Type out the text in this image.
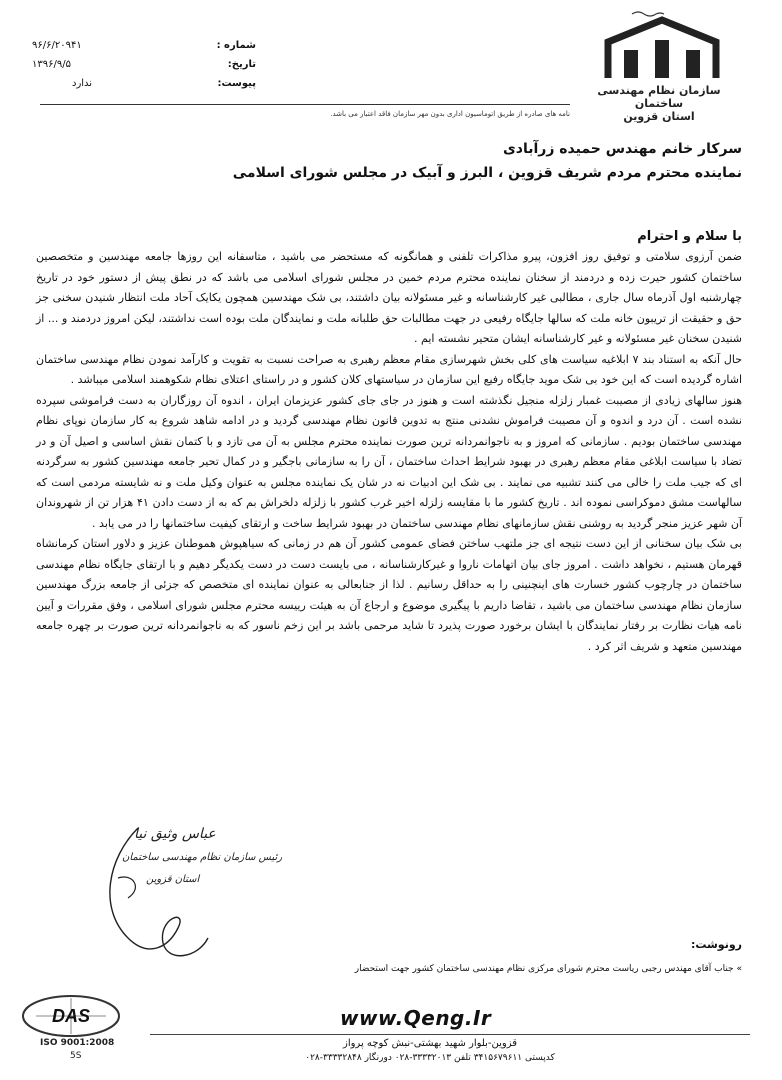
شماره :
تاریخ:
پیوست:
۹۶/۶/۲۰۹۴۱
۱۳۹۶/۹/۵
ندارد
سازمان نظام مهندسی ساختمان
استان قزوین
نامه های صادره از طریق اتوماسیون اداری بدون مهر سازمان فاقد اعتبار می باشد.
سرکار خانم مهندس حمیده زرآبادی
نماینده محترم مردم شریف قزوین ، البرز و آبیک در مجلس شورای اسلامی
با سلام و احترام

ضمن آرزوی سلامتی و توفیق روز افزون، پیرو مذاکرات تلفنی و همانگونه که مستحضر می باشید ، متاسفانه این روزها جامعه مهندسین و متخصصین ساختمان کشور حیرت زده و دردمند از سخنان نماینده محترم مردم خمین در مجلس شورای اسلامی می باشد که در نطق پیش از دستور خود در تاریخ چهارشنبه اول آذرماه سال جاری ، مطالبی غیر کارشناسانه و غیر مسئولانه بیان داشتند، بی شک مهندسین همچون یکایک آحاد ملت انتظار شنیدن سخنی جز حق و حقیقت از تریبون خانه ملت که سالها جایگاه رفیعی در جهت مطالبات حق طلبانه ملت و نمایندگان ملت بوده است نداشتند، لیکن امروز دردمند و ... از شنیدن سخنان غیر مسئولانه و غیر کارشناسانه ایشان متحیر نشسته ایم .

حال آنکه به استناد بند ۷ ابلاغیه سیاست های کلی بخش شهرسازی مقام معظم رهبری به صراحت نسبت به تقویت و کارآمد نمودن نظام مهندسی ساختمان اشاره گردیده است که این خود بی شک موید جایگاه رفیع این سازمان در سیاستهای کلان کشور و در راستای اعتلای نظام شکوهمند اسلامی میباشد .

هنوز سالهای زیادی از مصیبت غمبار زلزله منجیل نگذشته است و هنوز در جای جای کشور عزیزمان ایران ، اندوه آن روزگاران به دست فراموشی سپرده نشده است . آن درد و اندوه و آن مصیبت فراموش نشدنی منتج به تدوین قانون نظام مهندسی گردید و در ادامه شاهد شروع به کار سازمان نوپای نظام مهندسی ساختمان بودیم . سازمانی که امروز و به ناجوانمردانه ترین صورت نماینده محترم مجلس به آن می تازد و با کتمان نقش اساسی و اصیل آن و در تضاد با سیاست ابلاغی مقام معظم رهبری در بهبود شرایط احداث ساختمان ، آن را به سازمانی باجگیر و در کمال تحیر جامعه مهندسین کشور به سرگردنه ای که جیب ملت را خالی می کنند تشبیه می نمایند . بی شک این ادبیات نه در شان یک نماینده مجلس به عنوان وکیل ملت و نه شایسته مردمی است که سالهاست مشق دموکراسی نموده اند . تاریخ کشور ما با مقایسه زلزله اخیر غرب کشور با زلزله دلخراش بم که به از دست دادن ۴۱ هزار تن از شهروندان آن شهر عزیز منجر گردید به روشنی نقش سازمانهای نظام مهندسی ساختمان در بهبود شرایط ساخت و ارتقای کیفیت ساختمانها را در می یابد .

بی شک بیان سخنانی از این دست نتیجه ای جز ملتهب ساختن فضای عمومی کشور آن هم در زمانی که سیاهپوش هموطنان عزیز و دلاور استان کرمانشاه قهرمان هستیم ، نخواهد داشت . امروز جای بیان اتهامات ناروا و غیرکارشناسانه ، می بایست دست در دست یکدیگر دهیم و با ارتقای جایگاه نظام مهندسی ساختمان در چارچوب کشور خسارت های اینچنینی را به حداقل رسانیم . لذا از جنابعالی به عنوان نماینده ای متخصص که جزئی از جامعه بزرگ مهندسین سازمان نظام مهندسی ساختمان می باشید ، تقاضا داریم با پیگیری موضوع و ارجاع آن به هیئت رییسه محترم مجلس شورای اسلامی ، وفق مقررات و آیین نامه هیات نظارت بر رفتار نمایندگان با ایشان برخورد صورت پذیرد تا شاید مرحمی باشد بر این زخم ناسور که به ناجوانمردانه ترین صورت بر چهره جامعه مهندسین متعهد و شریف اثر کرد .

عباس وثیق نیا
رئیس سازمان نظام مهندسی ساختمان
استان قزوین
رونوشت:
» جناب آقای مهندس رجبی ریاست محترم شورای مرکزی نظام مهندسی ساختمان کشور جهت استحضار
DAS
ISO 9001:2008
5S
www.Qeng.Ir
قزوین-بلوار شهید بهشتی-نبش کوچه پرواز
کدپستی ۳۴۱۵۶۷۹۶۱۱ تلفن ۳۳۳۳۲۰۱۳-۰۲۸ دورنگار ۳۳۳۳۲۸۴۸-۰۲۸
